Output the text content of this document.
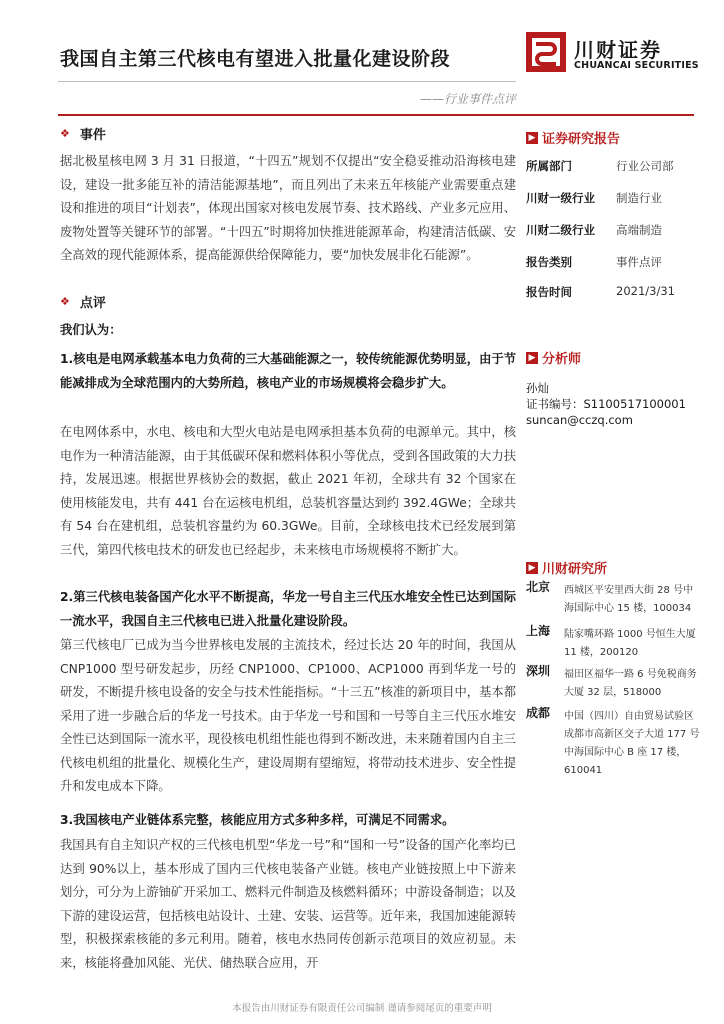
我国自主第三代核电有望进入批量化建设阶段
——行业事件点评
川财证券
CHUANCAI SECURITIES
❖ 事件
据北极星核电网 3 月 31 日报道，“十四五”规划不仅提出“安全稳妥推动沿海核电建设，建设一批多能互补的清洁能源基地”，而且列出了未来五年核能产业需要重点建设和推进的项目“计划表”，体现出国家对核电发展节奏、技术路线、产业多元应用、废物处置等关键环节的部署。“十四五”时期将加快推进能源革命，构建清洁低碳、安全高效的现代能源体系，提高能源供给保障能力，要“加快发展非化石能源”。
❖ 点评
我们认为：
1.核电是电网承载基本电力负荷的三大基础能源之一，较传统能源优势明显，由于节能减排成为全球范围内的大势所趋，核电产业的市场规模将会稳步扩大。
在电网体系中，水电、核电和大型火电站是电网承担基本负荷的电源单元。其中，核电作为一种清洁能源，由于其低碳环保和燃料体积小等优点，受到各国政策的大力扶持，发展迅速。根据世界核协会的数据，截止 2021 年初，全球共有 32 个国家在使用核能发电，共有 441 台在运核电机组，总装机容量达到约 392.4GWe；全球共有 54 台在建机组，总装机容量约为 60.3GWe。目前，全球核电技术已经发展到第三代，第四代核电技术的研发也已经起步，未来核电市场规模将不断扩大。
2.第三代核电装备国产化水平不断提高，华龙一号自主三代压水堆安全性已达到国际一流水平，我国自主三代核电已进入批量化建设阶段。
第三代核电厂已成为当今世界核电发展的主流技术，经过长达 20 年的时间，我国从 CNP1000 型号研发起步，历经 CNP1000、CP1000、ACP1000 再到华龙一号的研发，不断提升核电设备的安全与技术性能指标。“十三五”核准的新项目中，基本都采用了进一步融合后的华龙一号技术。由于华龙一号和国和一号等自主三代压水堆安全性已达到国际一流水平，现役核电机组性能也得到不断改进，未来随着国内自主三代核电机组的批量化、规模化生产，建设周期有望缩短，将带动技术进步、安全性提升和发电成本下降。
3.我国核电产业链体系完整，核能应用方式多种多样，可满足不同需求。
我国具有自主知识产权的三代核电机型“华龙一号”和“国和一号”设备的国产化率均已达到 90%以上，基本形成了国内三代核电装备产业链。核电产业链按照上中下游来划分，可分为上游铀矿开采加工、燃料元件制造及核燃料循环；中游设备制造；以及下游的建设运营，包括核电站设计、土建、安装、运营等。近年来，我国加速能源转型，积极探索核能的多元利用。随着，核电水热同传创新示范项目的效应初显。未来，核能将叠加风能、光伏、储热联合应用，开
▶ 证券研究报告
所属部门	行业公司部
川财一级行业	制造行业
川财二级行业	高端制造
报告类别	事件点评
报告时间	2021/3/31
▶ 分析师
孙灿
证书编号：S1100517100001
suncan@cczq.com
▶ 川财研究所
北京	西城区平安里西大街 28 号中海国际中心 15 楼，100034
上海	陆家嘴环路 1000 号恒生大厦 11 楼，200120
深圳	福田区福华一路 6 号免税商务大厦 32 层，518000
成都	中国（四川）自由贸易试验区成都市高新区交子大道 177 号中海国际中心 B 座 17 楼，610041
本报告由川财证券有限责任公司编制 谨请参阅尾页的重要声明
